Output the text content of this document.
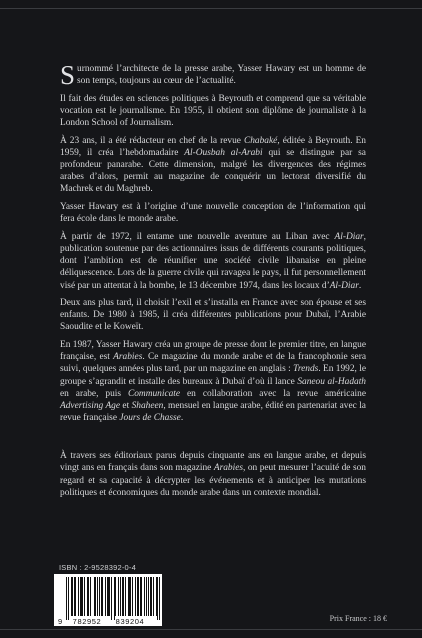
Surnommé l’architecte de la presse arabe, Yasser Hawary est un homme de son temps, toujours au cœur de l’actualité.

Il fait des études en sciences politiques à Beyrouth et comprend que sa véritable vocation est le journalisme. En 1955, il obtient son diplôme de journaliste à la London School of Journalism.

À 23 ans, il a été rédacteur en chef de la revue Chabaké, éditée à Beyrouth. En 1959, il créa l’hebdomadaire Al-Ousbah al-Arabi qui se distingue par sa profondeur panarabe. Cette dimension, malgré les divergences des régimes arabes d’alors, permit au magazine de conquérir un lectorat diversifié du Machrek et du Maghreb.

Yasser Hawary est à l’origine d’une nouvelle conception de l’information qui fera école dans le monde arabe.

À partir de 1972, il entame une nouvelle aventure au Liban avec Al-Diar, publication soutenue par des actionnaires issus de différents courants politiques, dont l’ambition est de réunifier une société civile libanaise en pleine déliquescence. Lors de la guerre civile qui ravagea le pays, il fut personnellement visé par un attentat à la bombe, le 13 décembre 1974, dans les locaux d’Al-Diar.

Deux ans plus tard, il choisit l’exil et s’installa en France avec son épouse et ses enfants. De 1980 à 1985, il créa différentes publications pour Dubaï, l’Arabie Saoudite et le Koweït.

En 1987, Yasser Hawary créa un groupe de presse dont le premier titre, en langue française, est Arabies. Ce magazine du monde arabe et de la francophonie sera suivi, quelques années plus tard, par un magazine en anglais : Trends. En 1992, le groupe s’agrandit et installe des bureaux à Dubaï d’où il lance Saneou al-Hadath en arabe, puis Communicate en collaboration avec la revue américaine Advertising Age et Shaheen, mensuel en langue arabe, édité en partenariat avec la revue française Jours de Chasse.

À travers ses éditoriaux parus depuis cinquante ans en langue arabe, et depuis vingt ans en français dans son magazine Arabies, on peut mesurer l’acuité de son regard et sa capacité à décrypter les événements et à anticiper les mutations politiques et économiques du monde arabe dans un contexte mondial.

ISBN : 2-9528392-0-4
9 782952 839204	Prix France : 18 €
